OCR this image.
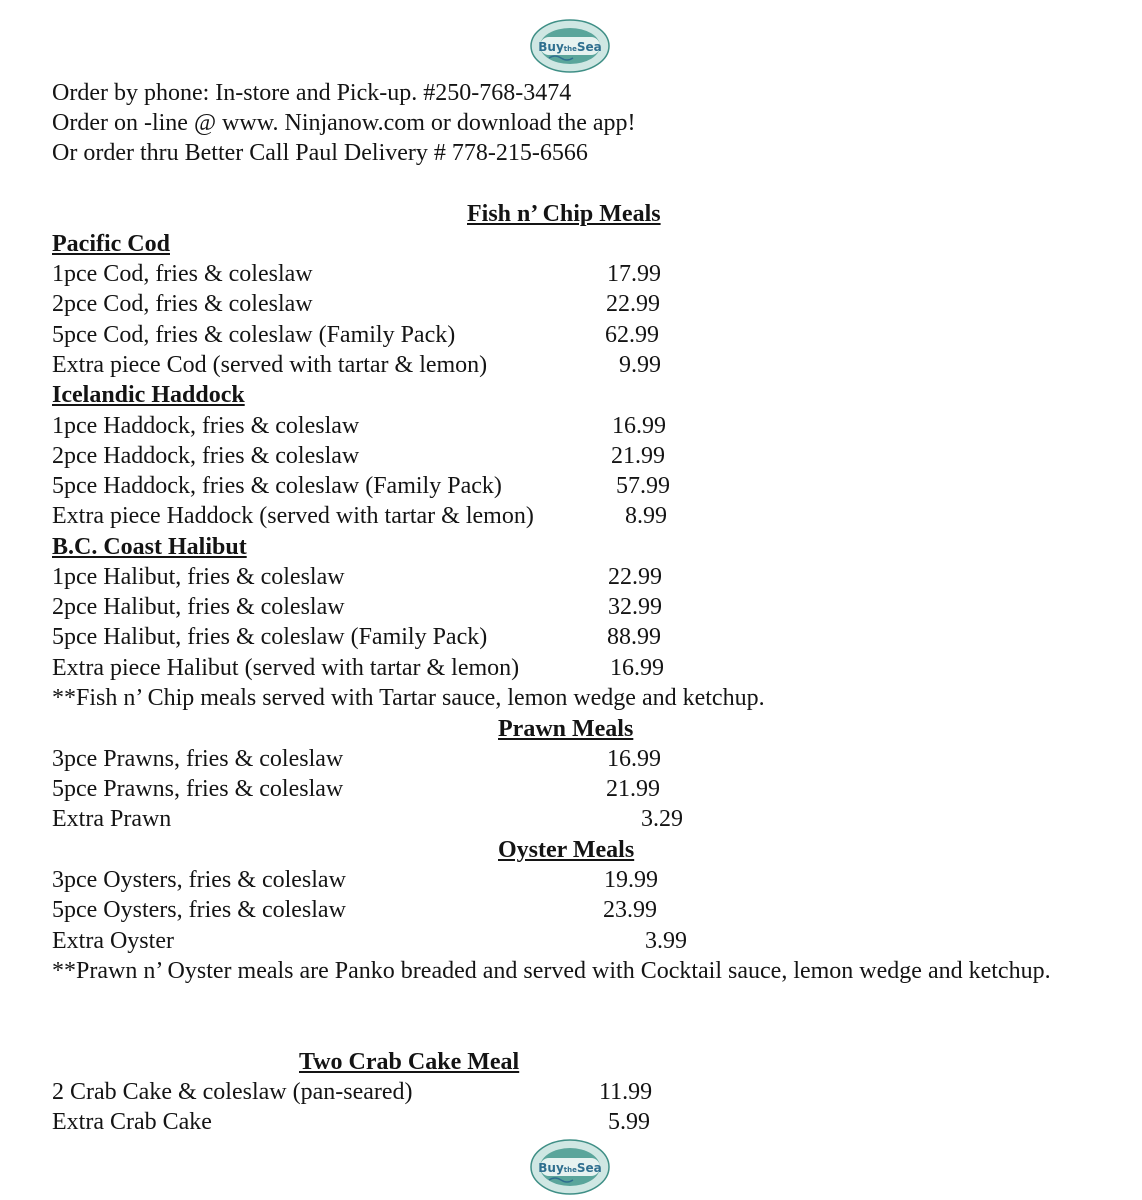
BuytheSea
Order by phone: In-store and Pick-up. #250-768-3474
Order on -line @ www. Ninjanow.com or download the app!
Or order thru Better Call Paul Delivery # 778-215-6566
Fish n’ Chip Meals
Pacific Cod
1pce Cod, fries & coleslaw	17.99
2pce Cod, fries & coleslaw	22.99
5pce Cod, fries & coleslaw (Family Pack)	62.99
Extra piece Cod (served with tartar & lemon)	9.99
Icelandic Haddock
1pce Haddock, fries & coleslaw	16.99
2pce Haddock, fries & coleslaw	21.99
5pce Haddock, fries & coleslaw (Family Pack)	57.99
Extra piece Haddock (served with tartar & lemon)	8.99
B.C. Coast Halibut
1pce Halibut, fries & coleslaw	22.99
2pce Halibut, fries & coleslaw	32.99
5pce Halibut, fries & coleslaw (Family Pack)	88.99
Extra piece Halibut (served with tartar & lemon)	16.99
**Fish n’ Chip meals served with Tartar sauce, lemon wedge and ketchup.
Prawn Meals
3pce Prawns, fries & coleslaw	16.99
5pce Prawns, fries & coleslaw	21.99
Extra Prawn	3.29
Oyster Meals
3pce Oysters, fries & coleslaw	19.99
5pce Oysters, fries & coleslaw	23.99
Extra Oyster	3.99
**Prawn n’ Oyster meals are Panko breaded and served with Cocktail sauce, lemon wedge and ketchup.
Two Crab Cake Meal
2 Crab Cake & coleslaw (pan-seared)	11.99
Extra Crab Cake	5.99
BuytheSea
